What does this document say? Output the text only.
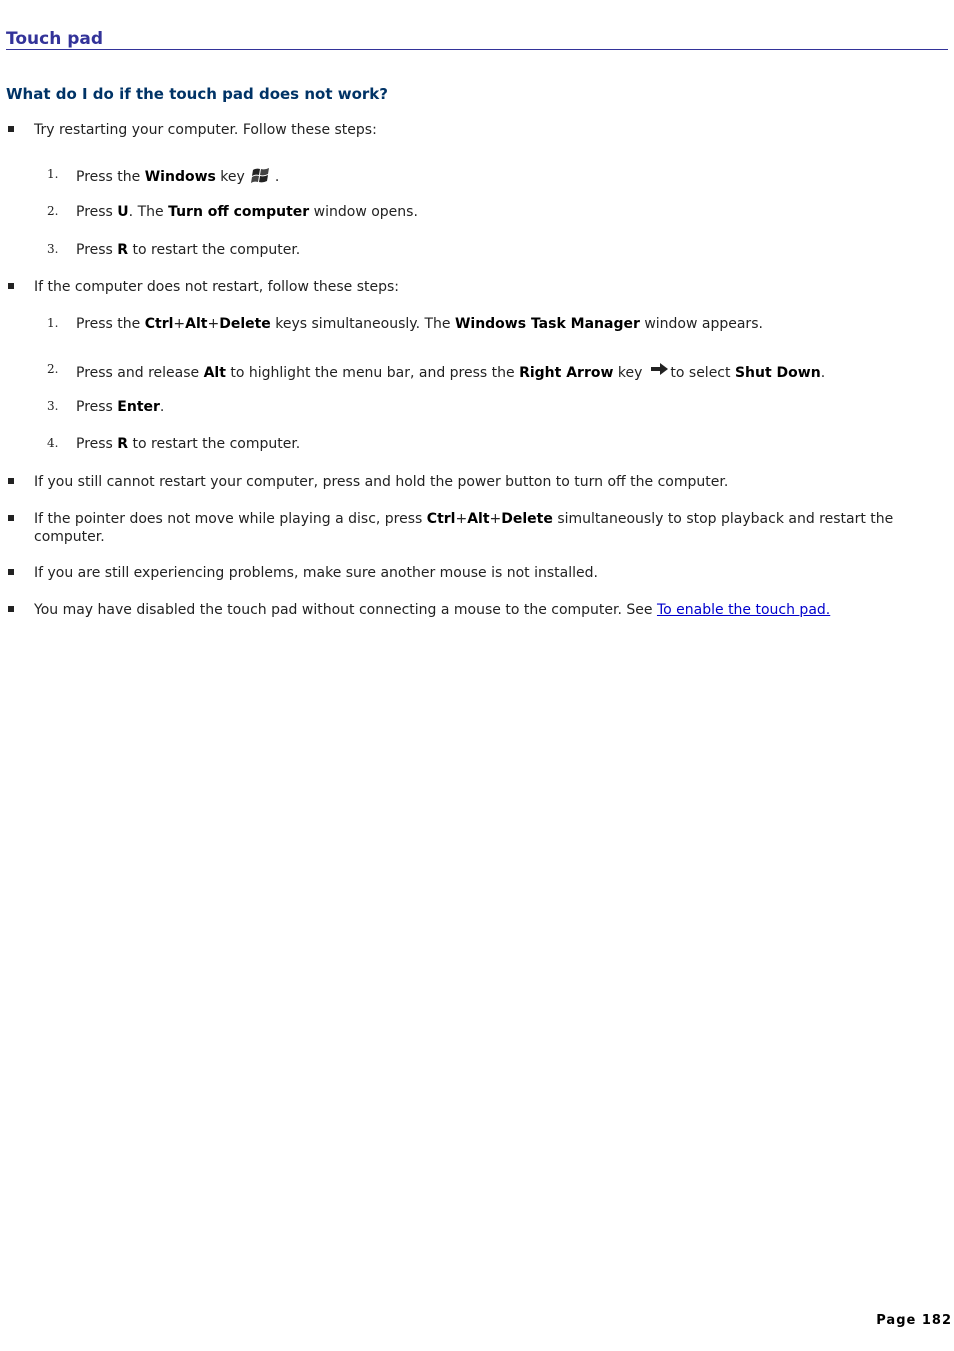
Touch pad
What do I do if the touch pad does not work?
Try restarting your computer. Follow these steps:
1. Press the Windows key .
2. Press U. The Turn off computer window opens.
3. Press R to restart the computer.
If the computer does not restart, follow these steps:
1. Press the Ctrl+Alt+Delete keys simultaneously. The Windows Task Manager window appears.
2. Press and release Alt to highlight the menu bar, and press the Right Arrow key to select Shut Down.
3. Press Enter.
4. Press R to restart the computer.
If you still cannot restart your computer, press and hold the power button to turn off the computer.
If the pointer does not move while playing a disc, press Ctrl+Alt+Delete simultaneously to stop playback and restart the computer.
If you are still experiencing problems, make sure another mouse is not installed.
You may have disabled the touch pad without connecting a mouse to the computer. See To enable the touch pad.
Page 182
